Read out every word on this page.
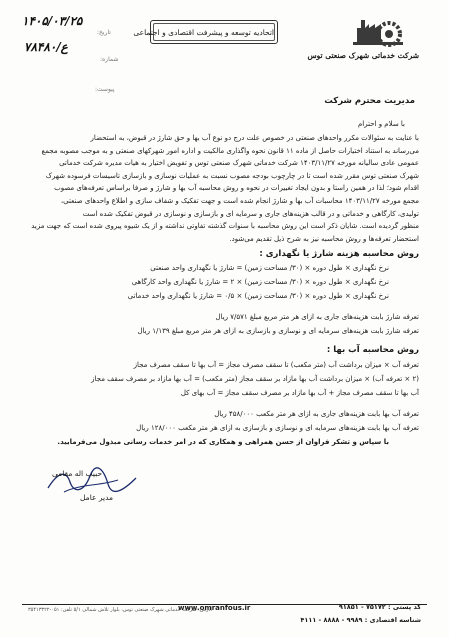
شرکت خدماتی شهرک صنعتی توس
اتحادیه توسعه و پیشرفت اقتصادی و اجتماعی
تاریخ:
۱۴۰۵/۰۳/۲۵
شماره:
۷۸۴۸۰/ع
پیوست:
مدیریت محترم شرکت
با سلام و احترام
با عنایت به سئوالات مکرر واحدهای صنعتی در خصوص علت درج دو نوع آب بها و حق شارژ در قبوض، به استحضار
می‌رساند به استناد اختیارات حاصل از ماده ۱۱ قانون نحوه واگذاری مالکیت و اداره امور شهرکهای صنعتی و به موجب مصوبه مجمع
عمومی عادی سالیانه مورخه ۱۴۰۳/۱۱/۲۷ شرکت خدماتی شهرک صنعتی توس و تفویض اختیار به هیات مدیره شرکت خدماتی
شهرک صنعتی توس مقرر شده است تا در چارچوب بودجه مصوب نسبت به عملیات نوسازی و بازسازی تاسیسات فرسوده شهرک
اقدام شود؛ لذا در همین راستا و بدون ایجاد تغییرات در نحوه و روش محاسبه آب بها و شارژ و صرفا براساس تعرفه‌های مصوب
مجمع مورخه ۱۴۰۳/۱۱/۲۷ محاسبات آب بها و شارژ انجام شده است و جهت تفکیک و شفاف سازی و اطلاع واحدهای صنعتی،
تولیدی، کارگاهی و خدماتی و در قالب هزینه‌های جاری و سرمایه ای و بازسازی و نوسازی در قبوض تفکیک شده است
منظور گردیده است. شایان ذکر است این روش محاسبه با سنوات گذشته تفاوتی نداشته و از یک شیوه پیروی شده است که جهت مزید
استحضار تعرفه‌ها و روش محاسبه نیز به شرح ذیل تقدیم می‌شود.
روش محاسبه هزینه شارژ یا نگهداری :
نرخ نگهداری × طول دوره × (۳۰/ مساحت زمین) = شارژ یا نگهداری واحد صنعتی
نرخ نگهداری × طول دوره × (۳۰/ مساحت زمین) × ۲ = شارژ یا نگهداری واحد کارگاهی
نرخ نگهداری × طول دوره × (۳۰/ مساحت زمین) × ۰/۵ = شارژ یا نگهداری واحد خدماتی
تعرفه شارژ بابت هزینه‌های جاری به ازای هر متر مربع مبلغ ۷/۵۷۱ ریال
تعرفه شارژ بابت هزینه‌های سرمایه ای و نوسازی و بازسازی به ازای هر متر مربع مبلغ ۱/۱۳۹ ریال
روش محاسبه آب بها :
تعرفه آب × میزان برداشت آب (متر مکعب) تا سقف مصرف مجاز = آب بها تا سقف مصرف مجاز
(۲ × تعرفه آب) × میزان برداشت آب بها مازاد بر سقف مجاز (متر مکعب) = آب بها مازاد بر مصرف سقف مجاز
آب بها تا سقف مصرف مجاز + آب بها مازاد بر مصرف سقف مجاز = آب بهای کل
تعرفه آب بها بابت هزینه‌های جاری به ازای هر متر مکعب ۴۵۸/۰۰۰ ریال
تعرفه آب بها بابت هزینه‌های سرمایه ای و نوسازی و بازسازی به ازای هر متر مکعب ۱۲۸/۰۰۰ ریال
با سپاس و تشکر فراوان از حسن همراهی و همکاری که در امر خدمات رسانی مبذول می‌فرمایید.
حبیب اله مقامی
مدیر عامل
آدرس: شرکت خدماتی شهرک صنعتی توس، بلوار تلاش شمالی ۵/۱ تلفن: ۰۵۱-۳۵۴۱۳۳۲۲
www.omranfous.ir	کد پستی : ۷۵۱۷۲ - ۹۱۸۵۱
شناسه اقتصادی : ۹۹۸۹ - ۸۸۸۸ - ۴۱۱۱
